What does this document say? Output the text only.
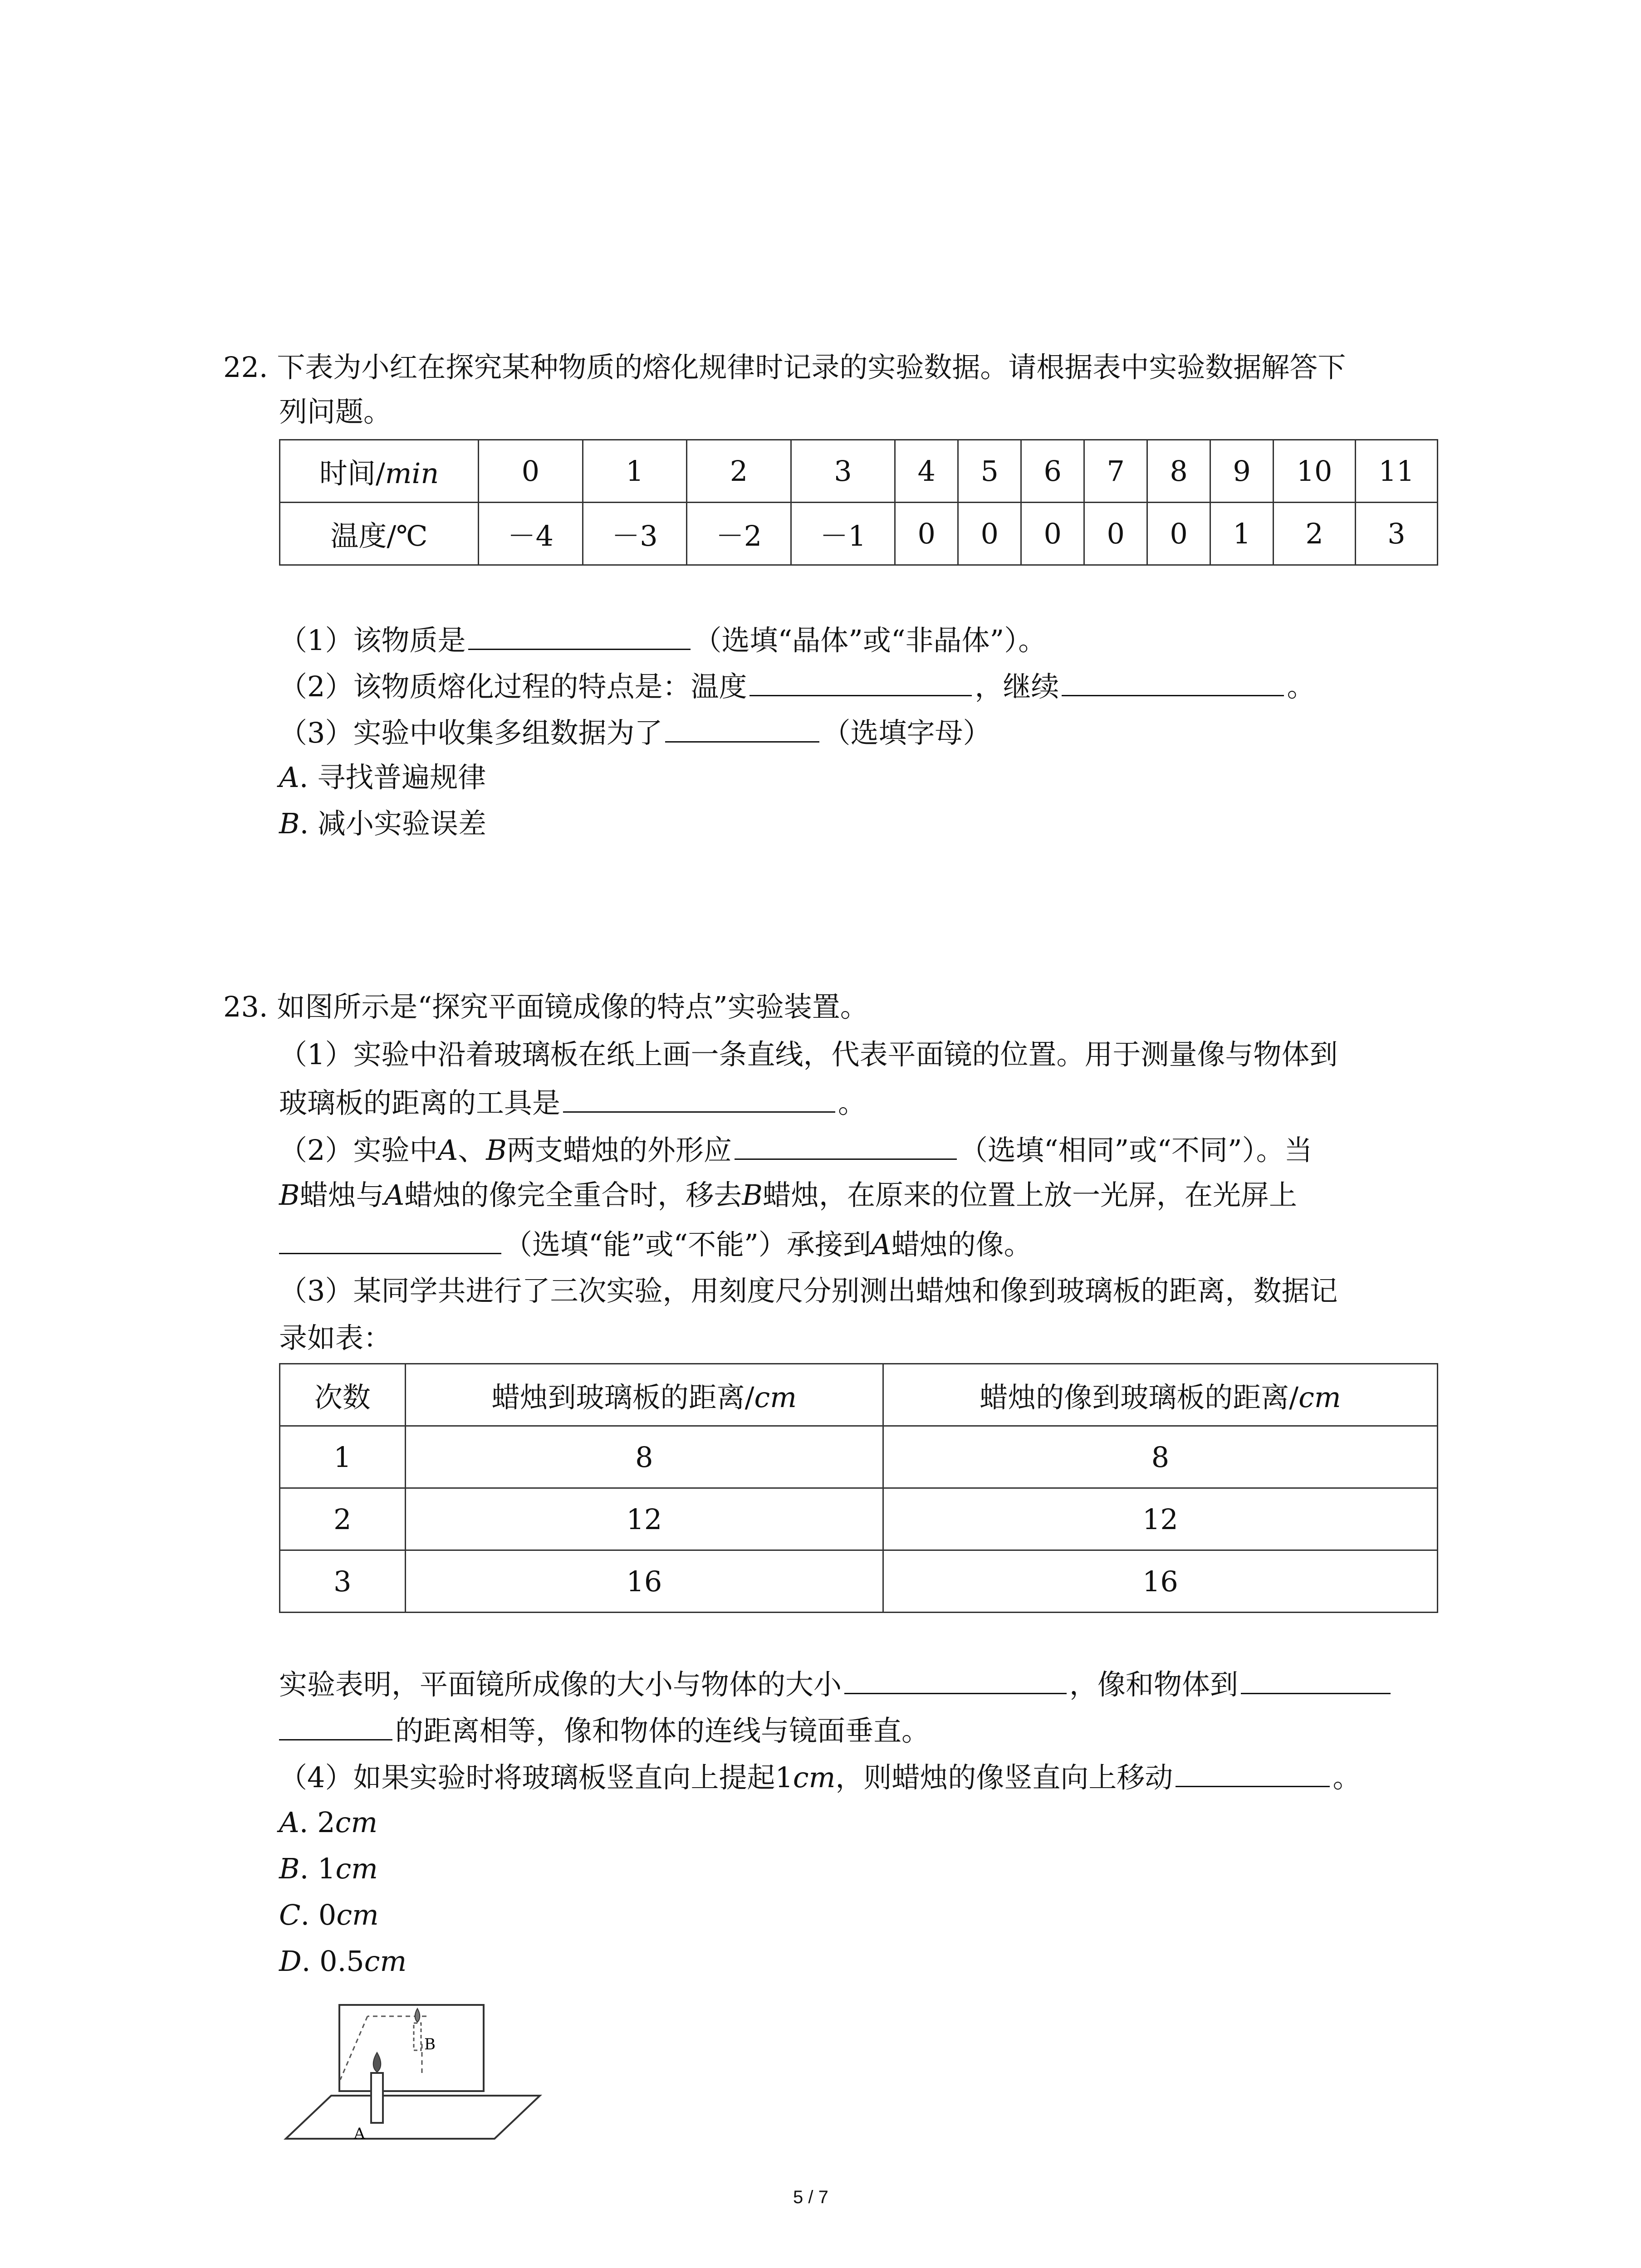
22. 下表为小红在探究某种物质的熔化规律时记录的实验数据。请根据表中实验数据解答下
列问题。
时间/min	0	1	2	3	4	5	6	7	8	9	10	11
温度/℃	－4	－3	－2	－1	0	0	0	0	0	1	2	3
（1）该物质是	（选填“晶体”或“非晶体”）。
（2）该物质熔化过程的特点是：温度	，继续	。
（3）实验中收集多组数据为了	（选填字母）
A. 寻找普遍规律
B. 减小实验误差
23. 如图所示是“探究平面镜成像的特点”实验装置。
（1）实验中沿着玻璃板在纸上画一条直线，代表平面镜的位置。用于测量像与物体到
玻璃板的距离的工具是	。
（2）实验中A、B两支蜡烛的外形应	（选填“相同”或“不同”）。当
B蜡烛与A蜡烛的像完全重合时，移去B蜡烛，在原来的位置上放一光屏，在光屏上
（选填“能”或“不能”）承接到A蜡烛的像。
（3）某同学共进行了三次实验，用刻度尺分别测出蜡烛和像到玻璃板的距离，数据记
录如表：
次数	蜡烛到玻璃板的距离/cm	蜡烛的像到玻璃板的距离/cm
1	8	8
2	12	12
3	16	16
实验表明，平面镜所成像的大小与物体的大小	，像和物体到
的距离相等，像和物体的连线与镜面垂直。
（4）如果实验时将玻璃板竖直向上提起1cm，则蜡烛的像竖直向上移动	。
A. 2cm
B. 1cm
C. 0cm
D. 0.5cm
A
B
5 / 7
